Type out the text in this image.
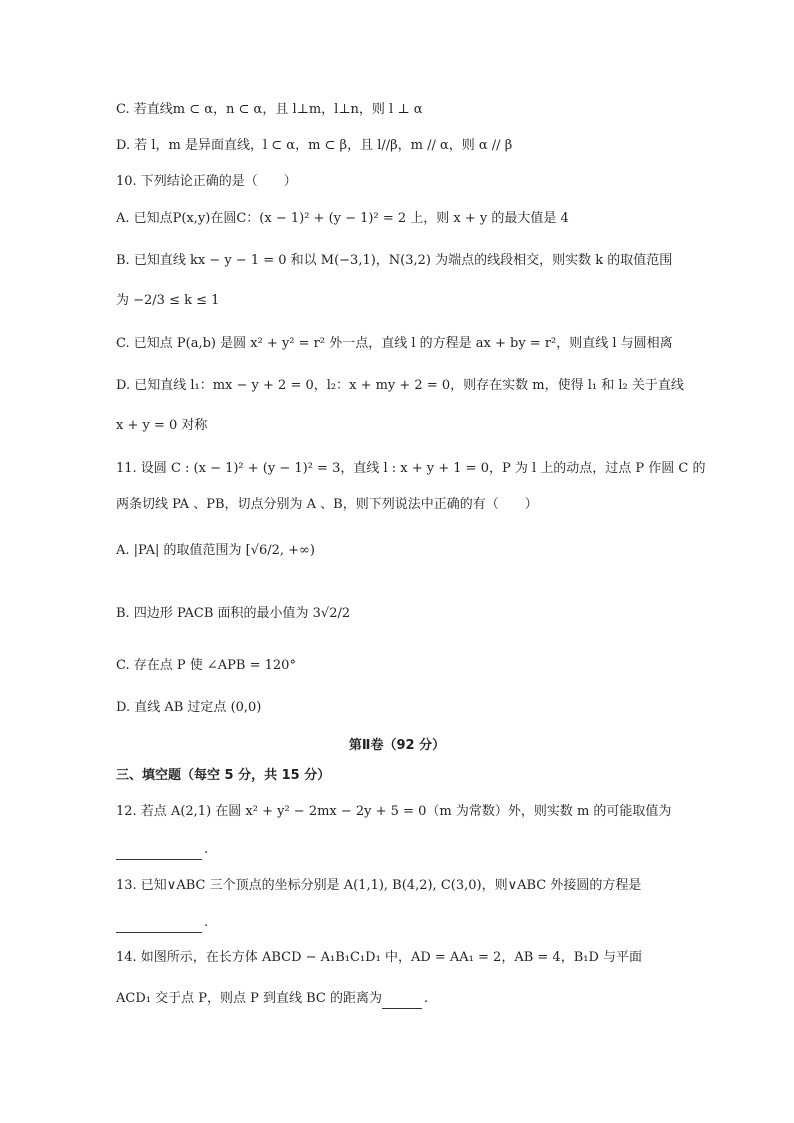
C. 若直线m ⊂ α，n ⊂ α，且 l⊥m，l⊥n，则 l ⊥ α
D. 若 l，m 是异面直线，l ⊂ α，m ⊂ β，且 l//β，m // α，则 α // β
10. 下列结论正确的是（　　）
A. 已知点P(x,y)在圆C：(x − 1)² + (y − 1)² = 2 上，则 x + y 的最大值是 4
B. 已知直线 kx − y − 1 = 0 和以 M(−3,1)，N(3,2) 为端点的线段相交，则实数 k 的取值范围
为 −2/3 ≤ k ≤ 1
C. 已知点 P(a,b) 是圆 x² + y² = r² 外一点，直线 l 的方程是 ax + by = r²，则直线 l 与圆相离
D. 已知直线 l₁：mx − y + 2 = 0，l₂：x + my + 2 = 0，则存在实数 m，使得 l₁ 和 l₂ 关于直线
x + y = 0 对称
11. 设圆 C : (x − 1)² + (y − 1)² = 3，直线 l : x + y + 1 = 0，P 为 l 上的动点，过点 P 作圆 C 的
两条切线 PA 、PB，切点分别为 A 、B，则下列说法中正确的有（　　）
A. |PA| 的取值范围为 [√6/2, +∞)
B. 四边形 PACB 面积的最小值为 3√2/2
C. 存在点 P 使 ∠APB = 120°
D. 直线 AB 过定点 (0,0)
第Ⅱ卷（92 分）
三、填空题（每空 5 分，共 15 分）
12. 若点 A(2,1) 在圆 x² + y² − 2mx − 2y + 5 = 0（m 为常数）外，则实数 m 的可能取值为
.
13. 已知∨ABC 三个顶点的坐标分别是 A(1,1), B(4,2), C(3,0)，则∨ABC 外接圆的方程是
.
14. 如图所示，在长方体 ABCD − A₁B₁C₁D₁ 中，AD = AA₁ = 2，AB = 4，B₁D 与平面
ACD₁ 交于点 P，则点 P 到直线 BC 的距离为	.
